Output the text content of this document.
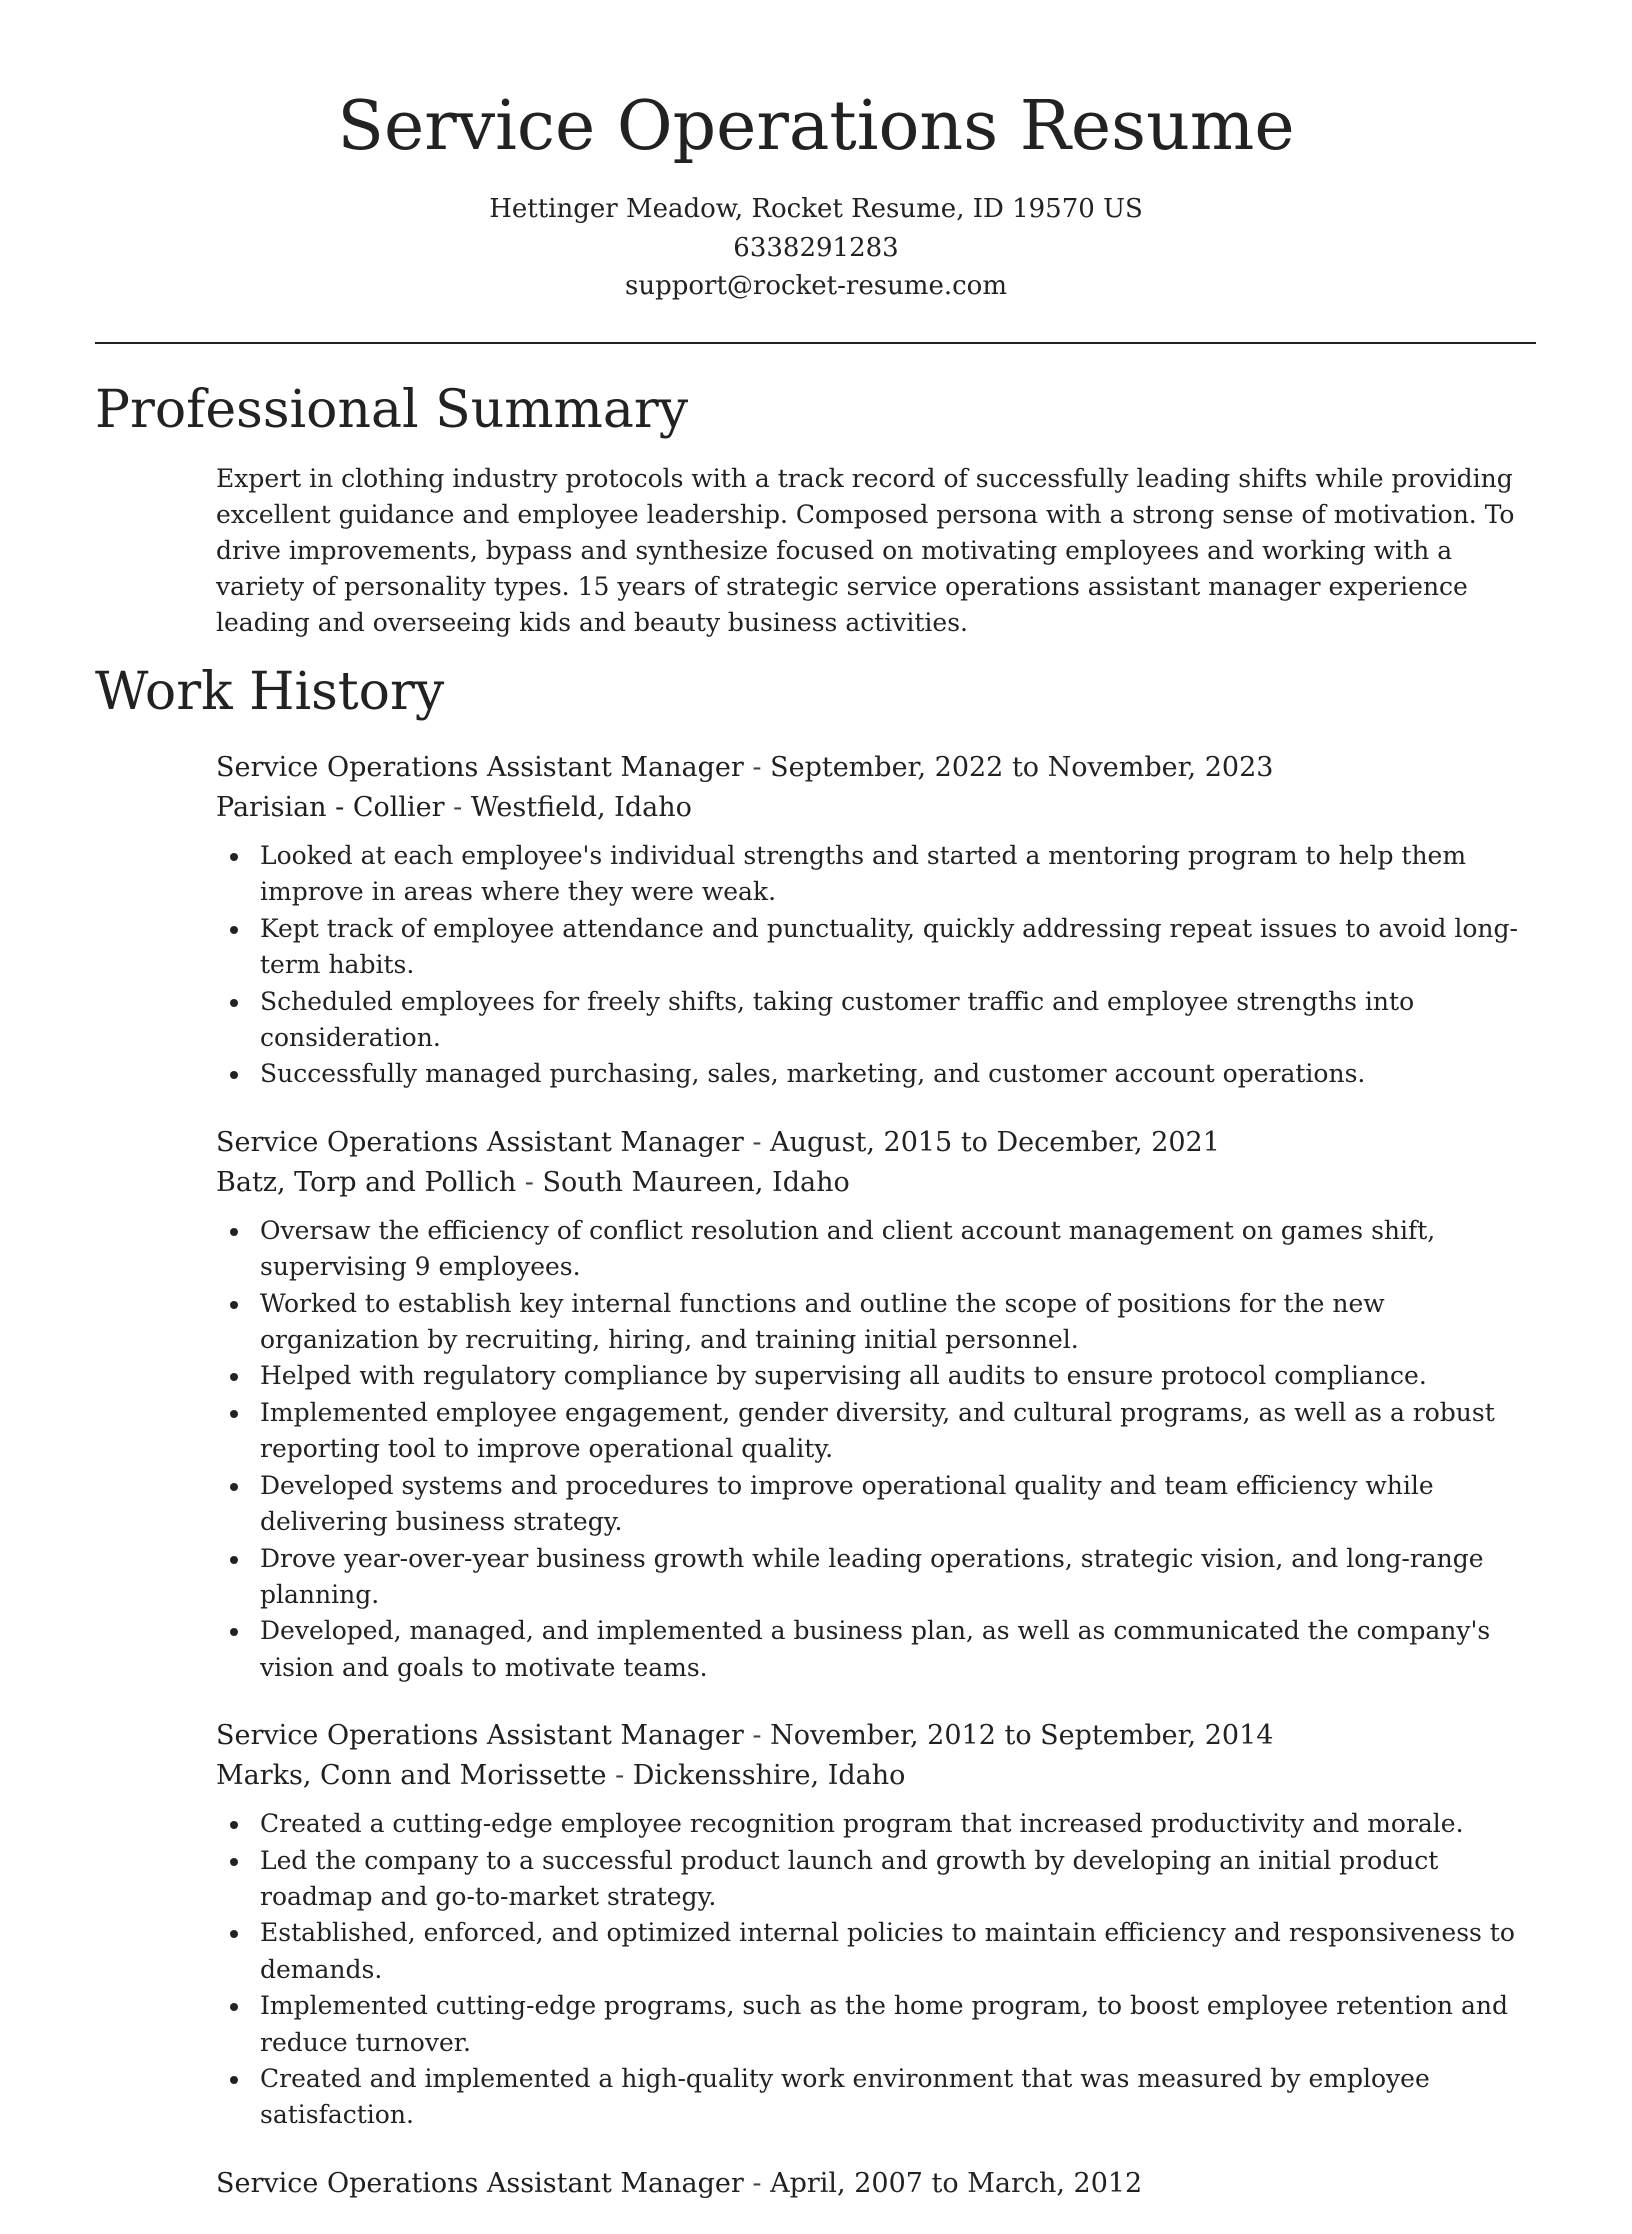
Service Operations Resume
Hettinger Meadow, Rocket Resume, ID 19570 US
6338291283
support@rocket-resume.com
Professional Summary

Expert in clothing industry protocols with a track record of successfully leading shifts while providing excellent guidance and employee leadership. Composed persona with a strong sense of motivation. To drive improvements, bypass and synthesize focused on motivating employees and working with a variety of personality types. 15 years of strategic service operations assistant manager experience leading and overseeing kids and beauty business activities.

Work History
Service Operations Assistant Manager - September, 2022 to November, 2023
Parisian - Collier - Westfield, Idaho
Looked at each employee's individual strengths and started a mentoring program to help them improve in areas where they were weak.
Kept track of employee attendance and punctuality, quickly addressing repeat issues to avoid long-term habits.
Scheduled employees for freely shifts, taking customer traffic and employee strengths into consideration.
Successfully managed purchasing, sales, marketing, and customer account operations.
Service Operations Assistant Manager - August, 2015 to December, 2021
Batz, Torp and Pollich - South Maureen, Idaho
Oversaw the efficiency of conflict resolution and client account management on games shift, supervising 9 employees.
Worked to establish key internal functions and outline the scope of positions for the new organization by recruiting, hiring, and training initial personnel.
Helped with regulatory compliance by supervising all audits to ensure protocol compliance.
Implemented employee engagement, gender diversity, and cultural programs, as well as a robust reporting tool to improve operational quality.
Developed systems and procedures to improve operational quality and team efficiency while delivering business strategy.
Drove year-over-year business growth while leading operations, strategic vision, and long-range planning.
Developed, managed, and implemented a business plan, as well as communicated the company's vision and goals to motivate teams.
Service Operations Assistant Manager - November, 2012 to September, 2014
Marks, Conn and Morissette - Dickensshire, Idaho
Created a cutting-edge employee recognition program that increased productivity and morale.
Led the company to a successful product launch and growth by developing an initial product roadmap and go-to-market strategy.
Established, enforced, and optimized internal policies to maintain efficiency and responsiveness to demands.
Implemented cutting-edge programs, such as the home program, to boost employee retention and reduce turnover.
Created and implemented a high-quality work environment that was measured by employee satisfaction.
Service Operations Assistant Manager - April, 2007 to March, 2012
